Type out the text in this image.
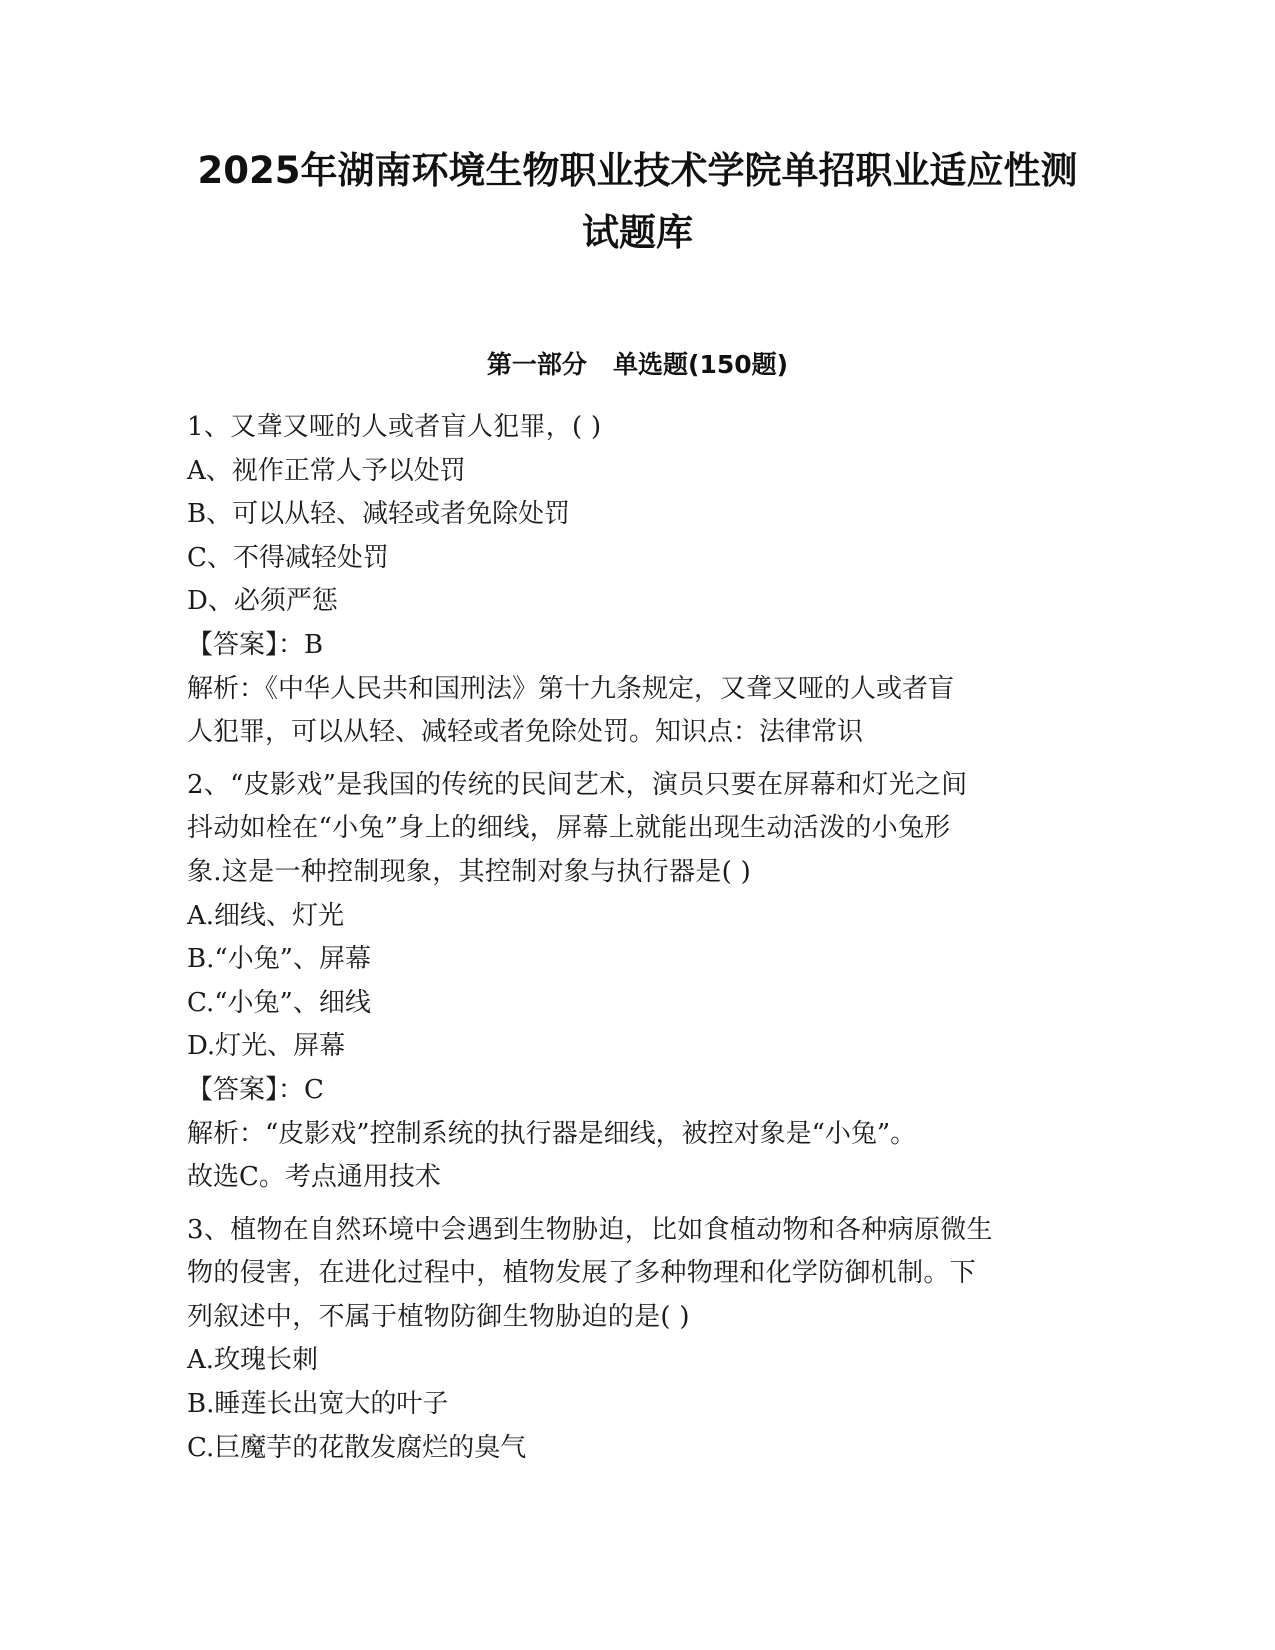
2025年湖南环境生物职业技术学院单招职业适应性测
试题库
第一部分   单选题(150题)
1、又聋又哑的人或者盲人犯罪，( )
A、视作正常人予以处罚
B、可以从轻、减轻或者免除处罚
C、不得减轻处罚
D、必须严惩
【答案】：B
解析：《中华人民共和国刑法》第十九条规定，又聋又哑的人或者盲
人犯罪，可以从轻、减轻或者免除处罚。知识点：法律常识
2、“皮影戏”是我国的传统的民间艺术，演员只要在屏幕和灯光之间
抖动如栓在“小兔”身上的细线，屏幕上就能出现生动活泼的小兔形
象.这是一种控制现象，其控制对象与执行器是( )
A.细线、灯光
B.“小兔”、屏幕
C.“小兔”、细线
D.灯光、屏幕
【答案】：C
解析：“皮影戏”控制系统的执行器是细线，被控对象是“小兔”。
故选C。考点通用技术
3、植物在自然环境中会遇到生物胁迫，比如食植动物和各种病原微生
物的侵害，在进化过程中，植物发展了多种物理和化学防御机制。下
列叙述中，不属于植物防御生物胁迫的是( )
A.玫瑰长刺
B.睡莲长出宽大的叶子
C.巨魔芋的花散发腐烂的臭气
